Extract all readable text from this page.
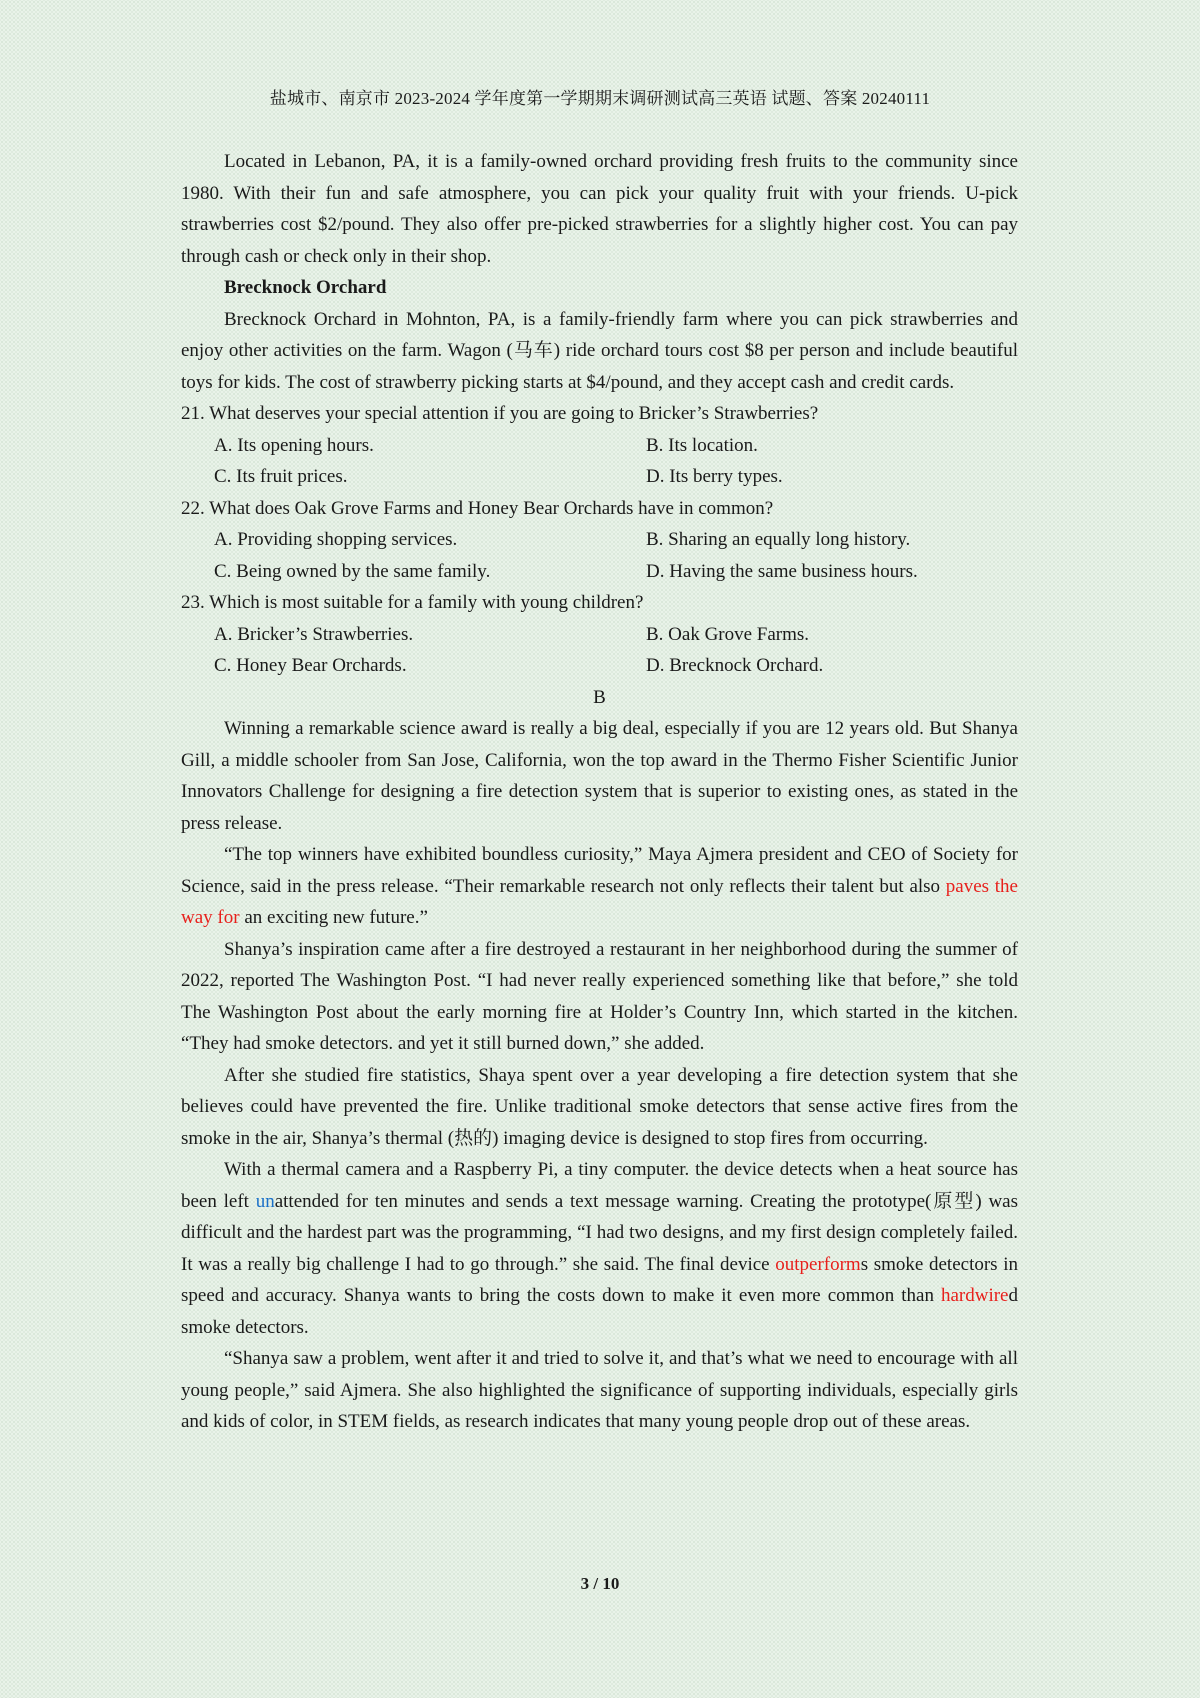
盐城市、南京市 2023-2024 学年度第一学期期末调研测试高三英语 试题、答案 20240111

Located in Lebanon, PA, it is a family-owned orchard providing fresh fruits to the community since 1980. With their fun and safe atmosphere, you can pick your quality fruit with your friends. U-pick strawberries cost $2/pound. They also offer pre-picked strawberries for a slightly higher cost. You can pay through cash or check only in their shop.

Brecknock Orchard

Brecknock Orchard in Mohnton, PA, is a family-friendly farm where you can pick strawberries and enjoy other activities on the farm. Wagon (马车) ride orchard tours cost $8 per person and include beautiful toys for kids. The cost of strawberry picking starts at $4/pound, and they accept cash and credit cards.

21. What deserves your special attention if you are going to Bricker’s Strawberries?

A. Its opening hours.	B. Its location.
C. Its fruit prices.	D. Its berry types.

22. What does Oak Grove Farms and Honey Bear Orchards have in common?

A. Providing shopping services.	B. Sharing an equally long history.
C. Being owned by the same family.	D. Having the same business hours.

23. Which is most suitable for a family with young children?

A. Bricker’s Strawberries.	B. Oak Grove Farms.
C. Honey Bear Orchards.	D. Brecknock Orchard.

B

Winning a remarkable science award is really a big deal, especially if you are 12 years old. But Shanya Gill, a middle schooler from San Jose, California, won the top award in the Thermo Fisher Scientific Junior Innovators Challenge for designing a fire detection system that is superior to existing ones, as stated in the press release.

“The top winners have exhibited boundless curiosity,” Maya Ajmera president and CEO of Society for Science, said in the press release. “Their remarkable research not only reflects their talent but also paves the way for an exciting new future.”

Shanya’s inspiration came after a fire destroyed a restaurant in her neighborhood during the summer of 2022, reported The Washington Post. “I had never really experienced something like that before,” she told The Washington Post about the early morning fire at Holder’s Country Inn, which started in the kitchen. “They had smoke detectors. and yet it still burned down,” she added.

After she studied fire statistics, Shaya spent over a year developing a fire detection system that she believes could have prevented the fire. Unlike traditional smoke detectors that sense active fires from the smoke in the air, Shanya’s thermal (热的) imaging device is designed to stop fires from occurring.

With a thermal camera and a Raspberry Pi, a tiny computer. the device detects when a heat source has been left unattended for ten minutes and sends a text message warning. Creating the prototype(原型) was difficult and the hardest part was the programming, “I had two designs, and my first design completely failed. It was a really big challenge I had to go through.” she said. The final device outperforms smoke detectors in speed and accuracy. Shanya wants to bring the costs down to make it even more common than hardwired smoke detectors.

“Shanya saw a problem, went after it and tried to solve it, and that’s what we need to encourage with all young people,” said Ajmera. She also highlighted the significance of supporting individuals, especially girls and kids of color, in STEM fields, as research indicates that many young people drop out of these areas.

3 / 10
